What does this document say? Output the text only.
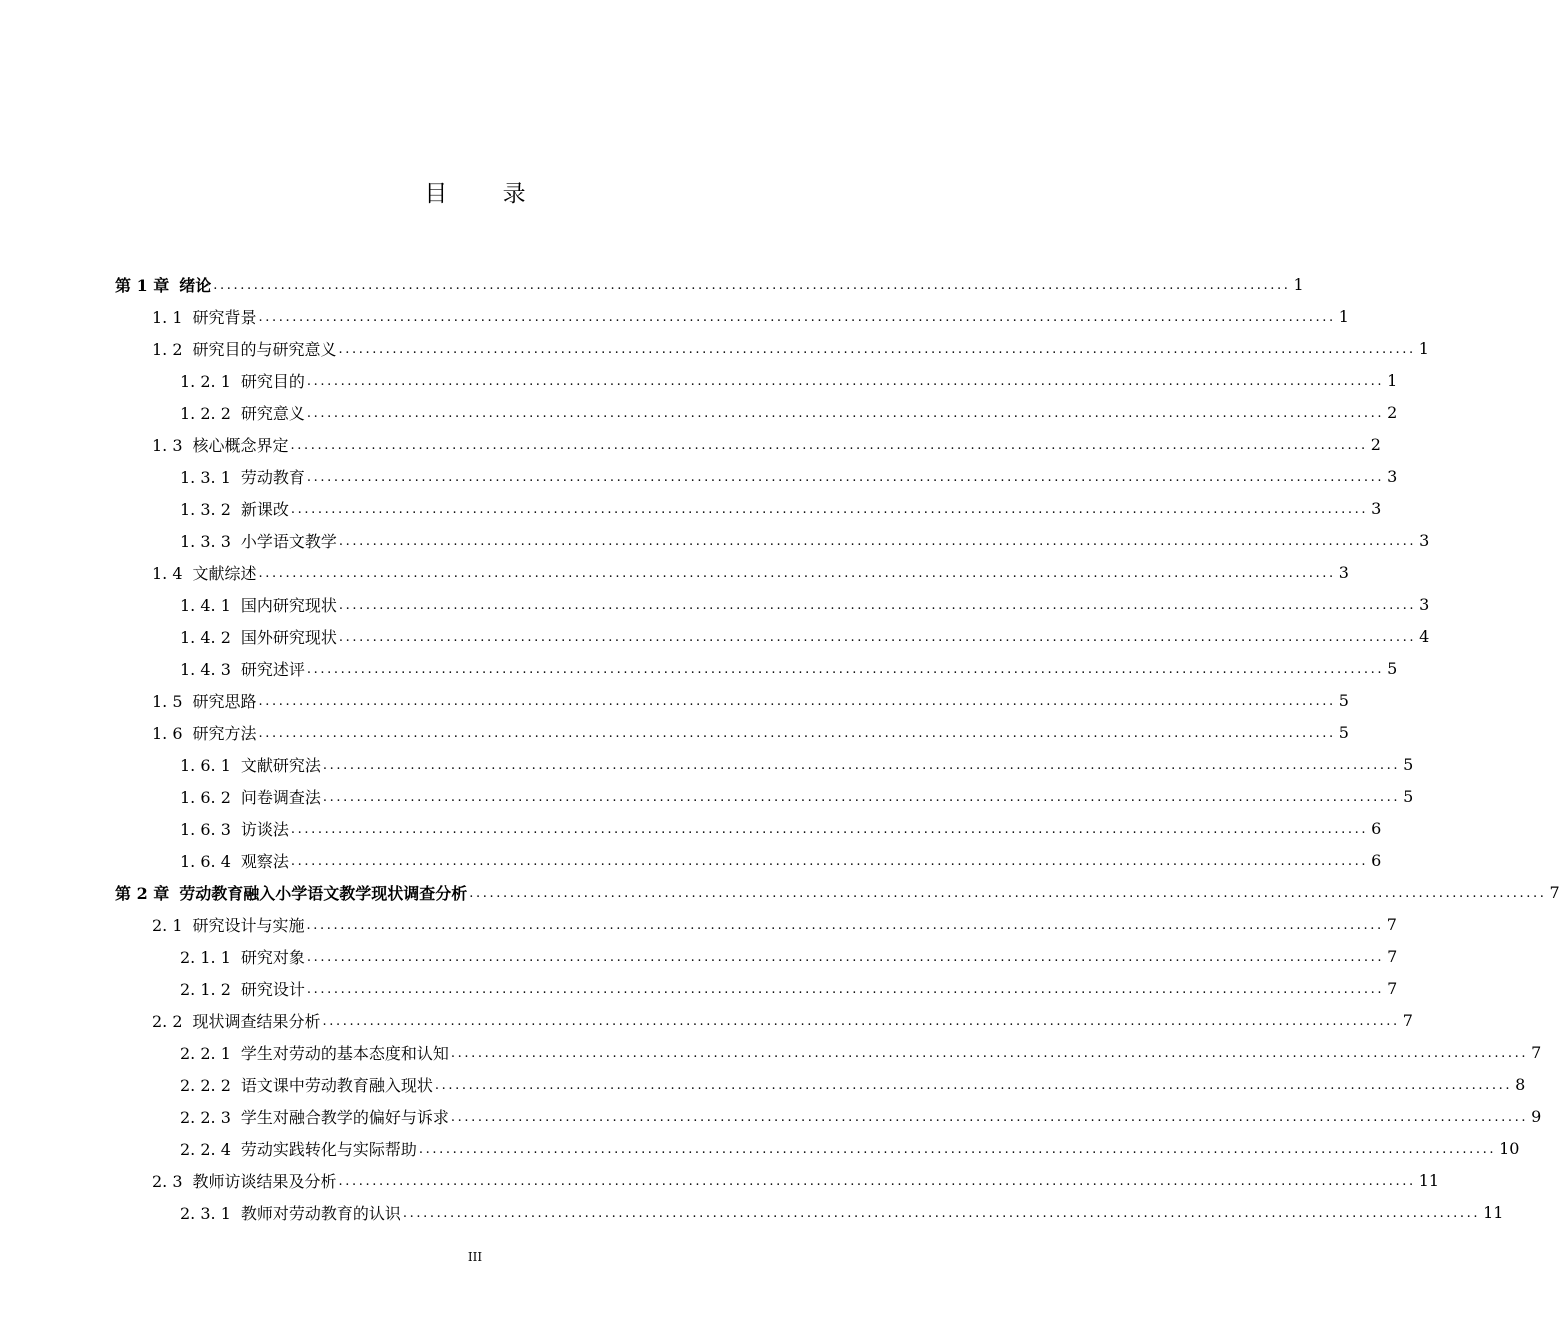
目 录
第 1 章 绪论 ................................................................................................................................................................ 1
1. 1 研究背景 ................................................................................................................................................................ 1
1. 2 研究目的与研究意义 ................................................................................................................................................................ 1
1. 2. 1 研究目的 ................................................................................................................................................................ 1
1. 2. 2 研究意义 ................................................................................................................................................................ 2
1. 3 核心概念界定 ................................................................................................................................................................ 2
1. 3. 1 劳动教育 ................................................................................................................................................................ 3
1. 3. 2 新课改 ................................................................................................................................................................ 3
1. 3. 3 小学语文教学 ................................................................................................................................................................ 3
1. 4 文献综述 ................................................................................................................................................................ 3
1. 4. 1 国内研究现状 ................................................................................................................................................................ 3
1. 4. 2 国外研究现状 ................................................................................................................................................................ 4
1. 4. 3 研究述评 ................................................................................................................................................................ 5
1. 5 研究思路 ................................................................................................................................................................ 5
1. 6 研究方法 ................................................................................................................................................................ 5
1. 6. 1 文献研究法 ................................................................................................................................................................ 5
1. 6. 2 问卷调查法 ................................................................................................................................................................ 5
1. 6. 3 访谈法 ................................................................................................................................................................ 6
1. 6. 4 观察法 ................................................................................................................................................................ 6
第 2 章 劳动教育融入小学语文教学现状调查分析 ................................................................................................................................................................ 7
2. 1 研究设计与实施 ................................................................................................................................................................ 7
2. 1. 1 研究对象 ................................................................................................................................................................ 7
2. 1. 2 研究设计 ................................................................................................................................................................ 7
2. 2 现状调查结果分析 ................................................................................................................................................................ 7
2. 2. 1 学生对劳动的基本态度和认知 ................................................................................................................................................................ 7
2. 2. 2 语文课中劳动教育融入现状 ................................................................................................................................................................ 8
2. 2. 3 学生对融合教学的偏好与诉求 ................................................................................................................................................................ 9
2. 2. 4 劳动实践转化与实际帮助 ................................................................................................................................................................ 10
2. 3 教师访谈结果及分析 ................................................................................................................................................................ 11
2. 3. 1 教师对劳动教育的认识 ................................................................................................................................................................ 11
III
